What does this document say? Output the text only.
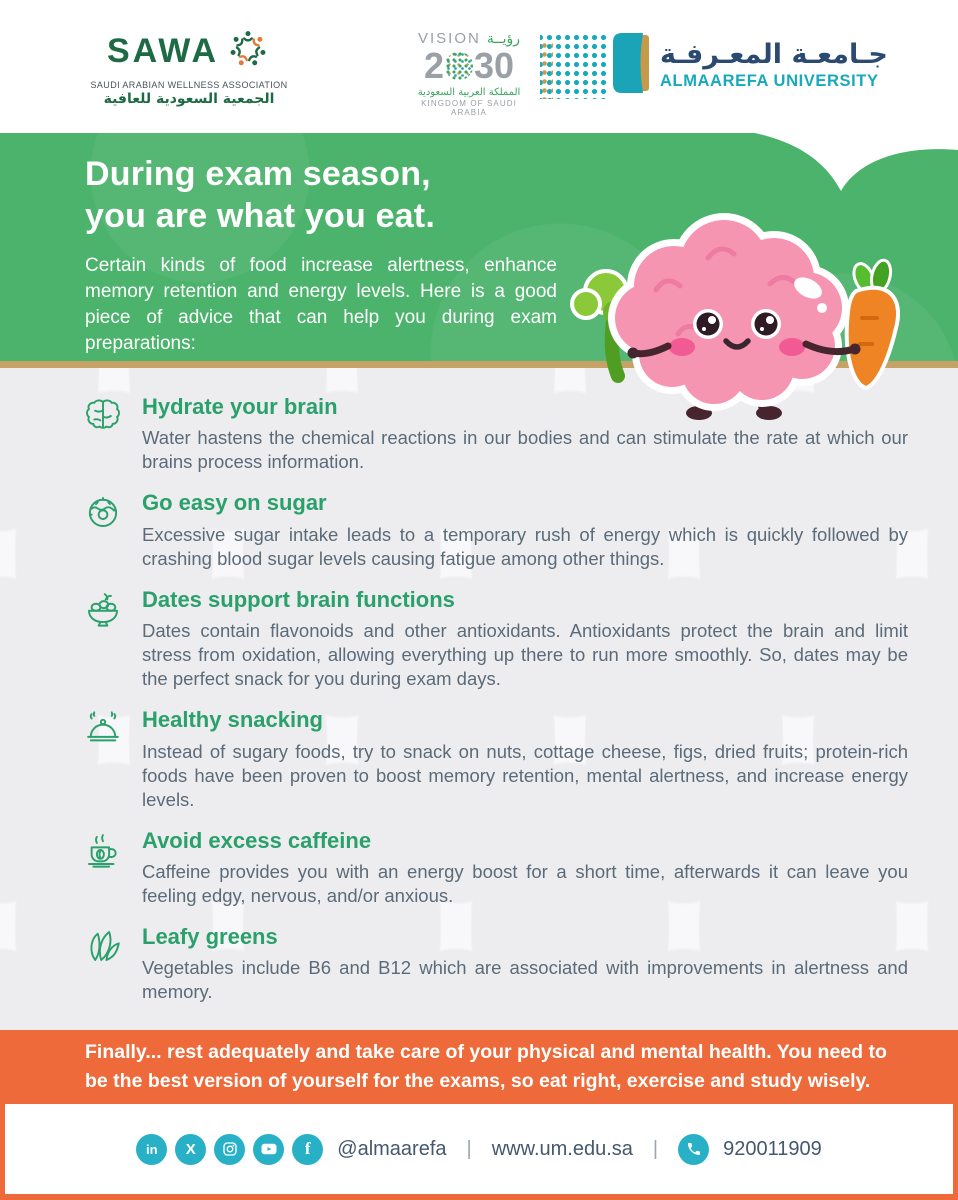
SAWA
SAUDI ARABIAN WELLNESS ASSOCIATION
الجمعية السعودية للعافية
VISION رؤيــة
2 30
المملكة العربية السعودية
KINGDOM OF SAUDI ARABIA
جـامعـة المعـرفـة
ALMAAREFA UNIVERSITY
During exam season,
you are what you eat.
Certain kinds of food increase alertness, enhance memory retention and energy levels. Here is a good piece of advice that can help you during exam preparations:
Hydrate your brain

Water hastens the chemical reactions in our bodies and can stimulate the rate at which our brains process information.

Go easy on sugar

Excessive sugar intake leads to a temporary rush of energy which is quickly followed by crashing blood sugar levels causing fatigue among other things.

Dates support brain functions

Dates contain flavonoids and other antioxidants. Antioxidants protect the brain and limit stress from oxidation, allowing everything up there to run more smoothly. So, dates may be the perfect snack for you during exam days.

Healthy snacking

Instead of sugary foods, try to snack on nuts, cottage cheese, figs, dried fruits; protein-rich foods have been proven to boost memory retention, mental alertness, and increase energy levels.

Avoid excess caffeine

Caffeine provides you with an energy boost for a short time, afterwards it can leave you feeling edgy, nervous, and/or anxious.

Leafy greens

Vegetables include B6 and B12 which are associated with improvements in alertness and memory.

Finally... rest adequately and take care of your physical and mental health. You need to be the best version of yourself for the exams, so eat right, exercise and study wisely.

in	X	f	@almaarefa | www.um.edu.sa |	920011909
